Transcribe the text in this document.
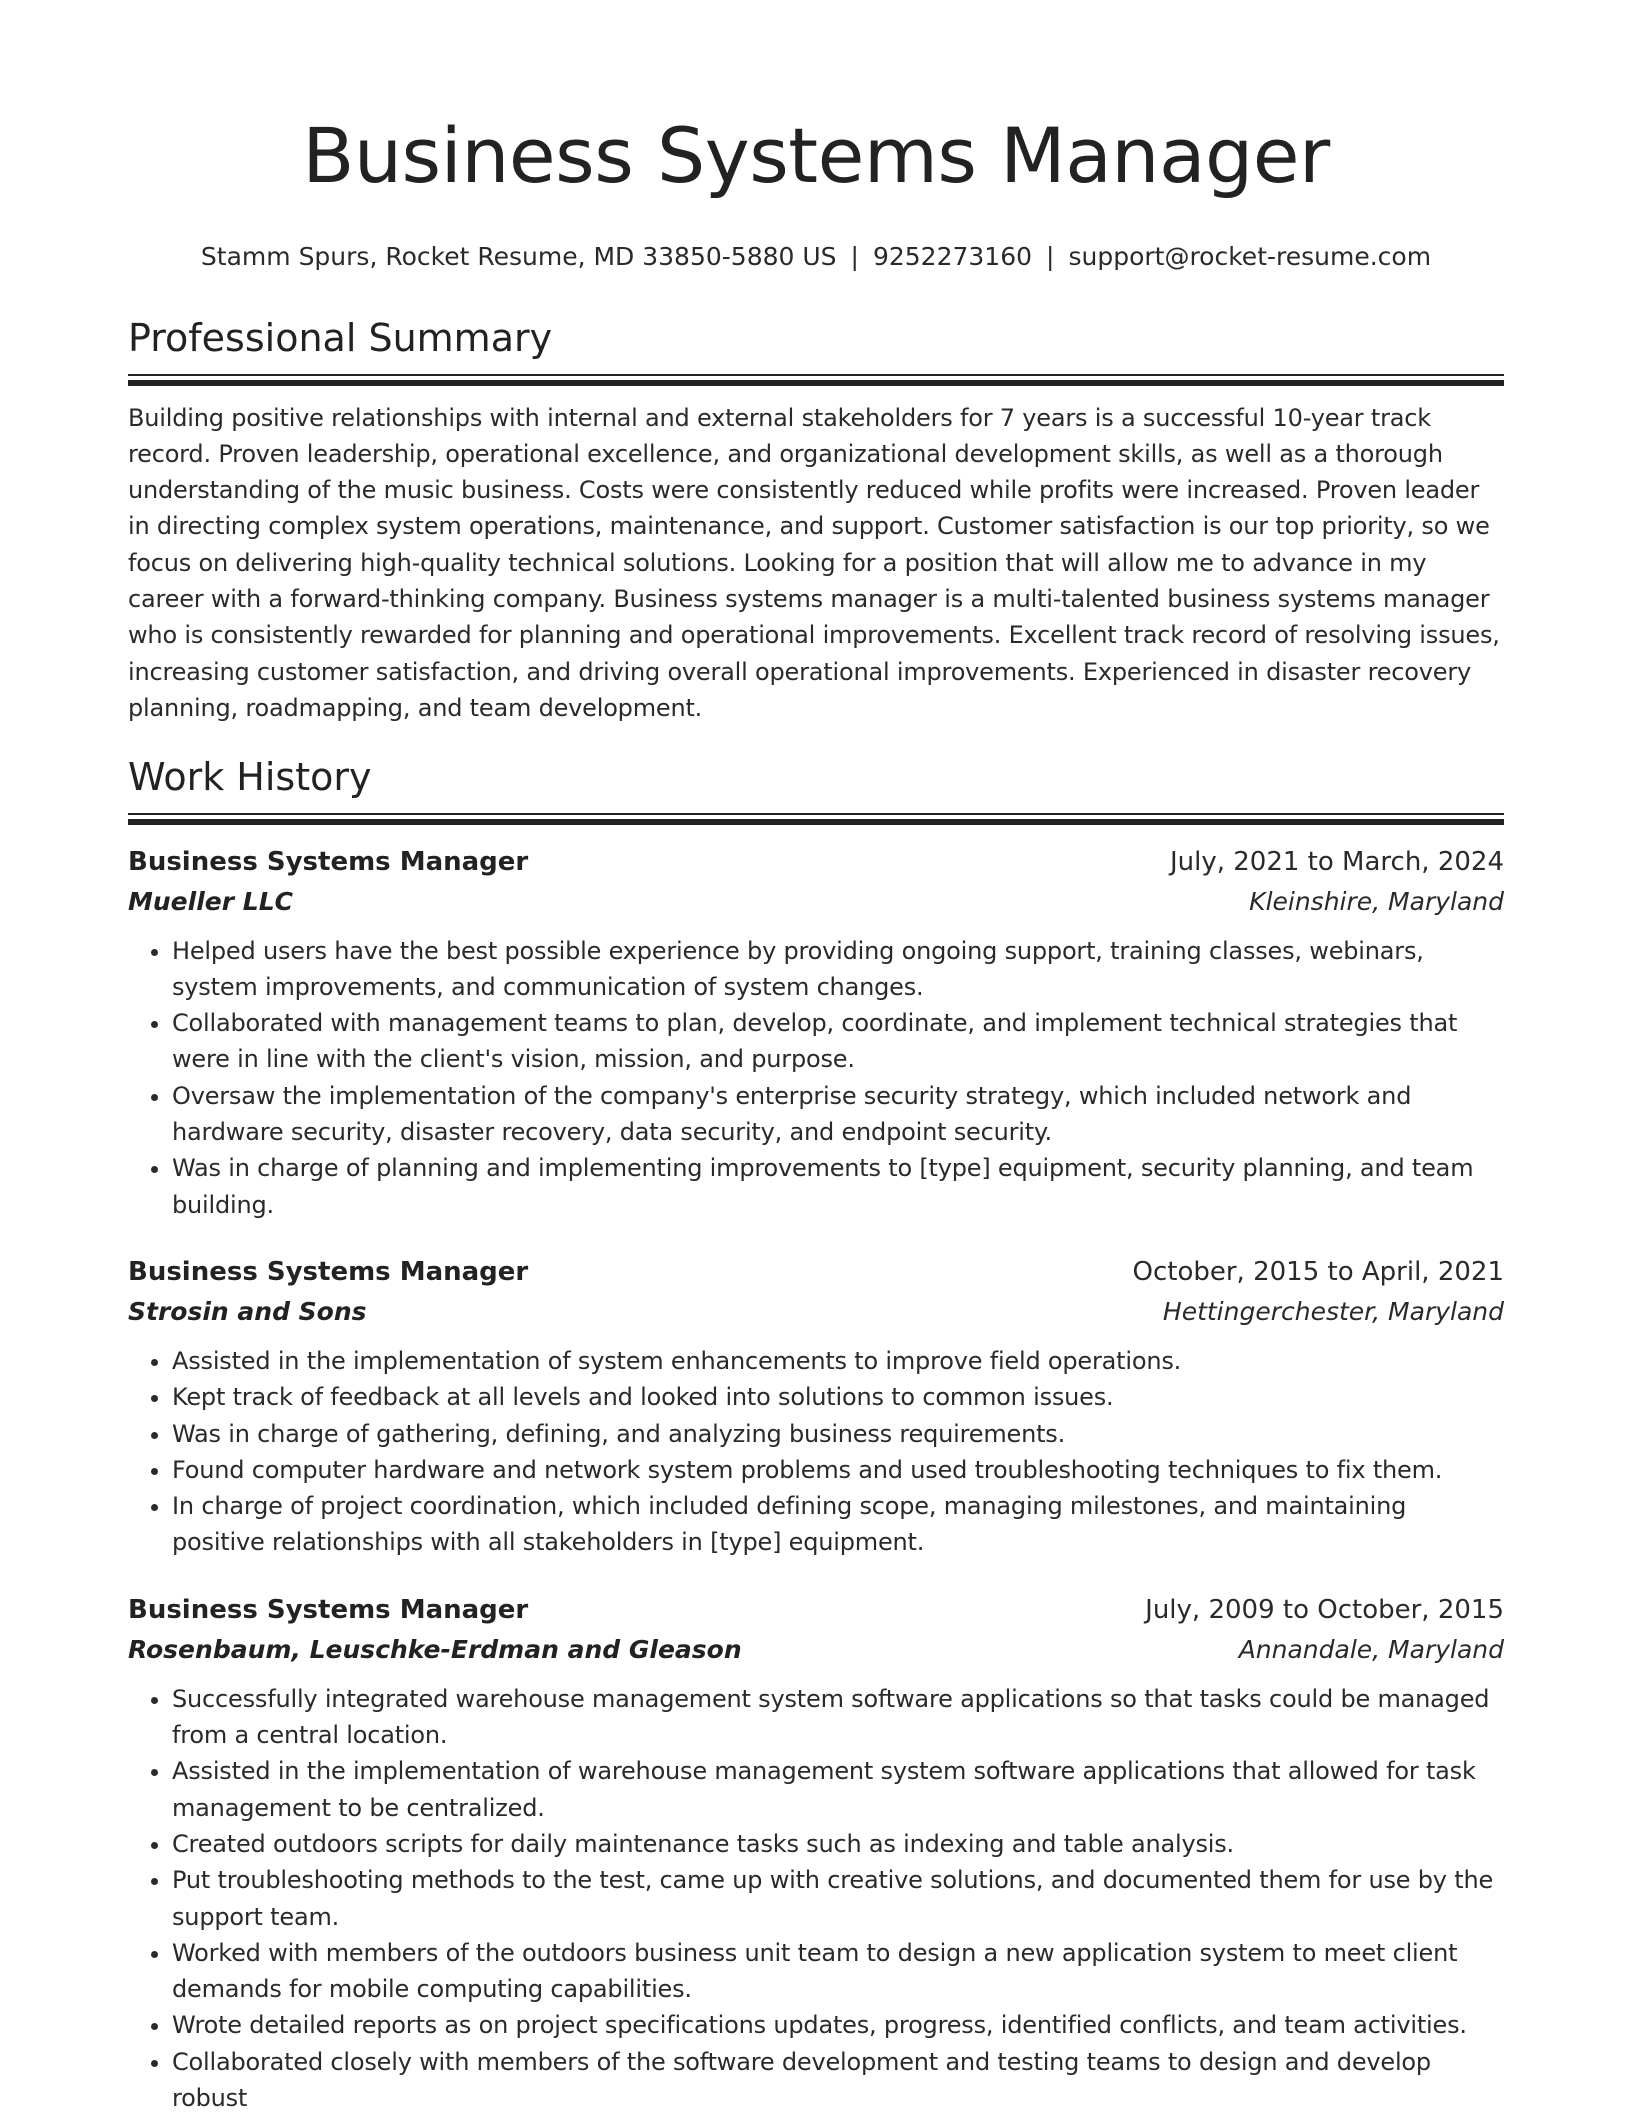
Business Systems Manager
Stamm Spurs, Rocket Resume, MD 33850-5880 US | 9252273160 | support@rocket-resume.com
Professional Summary
Building positive relationships with internal and external stakeholders for 7 years is a successful 10-year track record. Proven leadership, operational excellence, and organizational development skills, as well as a thorough understanding of the music business. Costs were consistently reduced while profits were increased. Proven leader in directing complex system operations, maintenance, and support. Customer satisfaction is our top priority, so we focus on delivering high-quality technical solutions. Looking for a position that will allow me to advance in my career with a forward-thinking company. Business systems manager is a multi-talented business systems manager who is consistently rewarded for planning and operational improvements. Excellent track record of resolving issues, increasing customer satisfaction, and driving overall operational improvements. Experienced in disaster recovery planning, roadmapping, and team development.
Work History
Business Systems Manager	July, 2021 to March, 2024
Mueller LLC	Kleinshire, Maryland
• Helped users have the best possible experience by providing ongoing support, training classes, webinars, system improvements, and communication of system changes.
• Collaborated with management teams to plan, develop, coordinate, and implement technical strategies that were in line with the client's vision, mission, and purpose.
• Oversaw the implementation of the company's enterprise security strategy, which included network and hardware security, disaster recovery, data security, and endpoint security.
• Was in charge of planning and implementing improvements to [type] equipment, security planning, and team building.
Business Systems Manager	October, 2015 to April, 2021
Strosin and Sons	Hettingerchester, Maryland
• Assisted in the implementation of system enhancements to improve field operations.
• Kept track of feedback at all levels and looked into solutions to common issues.
• Was in charge of gathering, defining, and analyzing business requirements.
• Found computer hardware and network system problems and used troubleshooting techniques to fix them.
• In charge of project coordination, which included defining scope, managing milestones, and maintaining positive relationships with all stakeholders in [type] equipment.
Business Systems Manager	July, 2009 to October, 2015
Rosenbaum, Leuschke-Erdman and Gleason	Annandale, Maryland
• Successfully integrated warehouse management system software applications so that tasks could be managed from a central location.
• Assisted in the implementation of warehouse management system software applications that allowed for task management to be centralized.
• Created outdoors scripts for daily maintenance tasks such as indexing and table analysis.
• Put troubleshooting methods to the test, came up with creative solutions, and documented them for use by the support team.
• Worked with members of the outdoors business unit team to design a new application system to meet client demands for mobile computing capabilities.
• Wrote detailed reports as on project specifications updates, progress, identified conflicts, and team activities.
• Collaborated closely with members of the software development and testing teams to design and develop robust
